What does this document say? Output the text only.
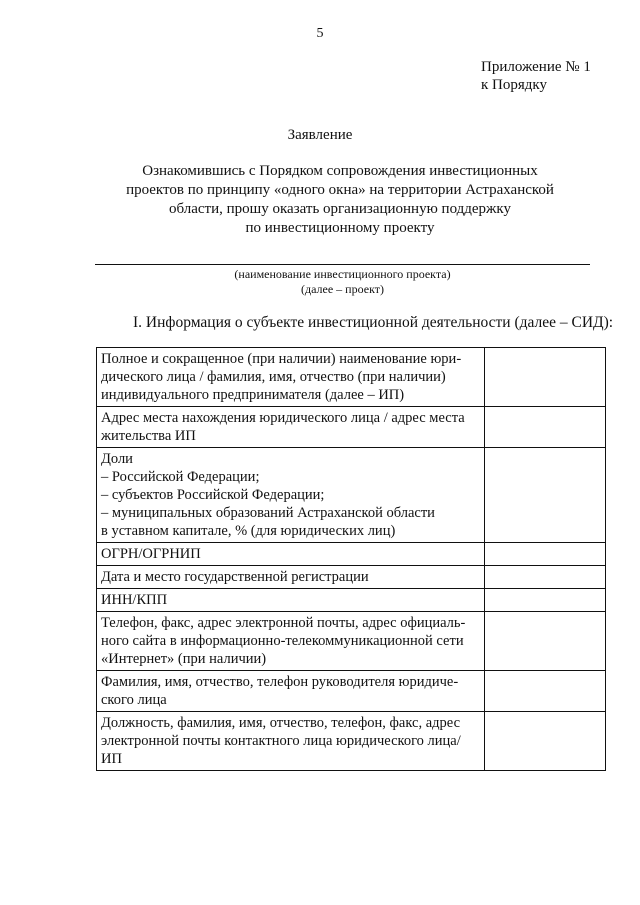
5
Приложение № 1
к Порядку
Заявление
Ознакомившись с Порядком сопровождения инвестиционных
проектов по принципу «одного окна» на территории Астраханской
области, прошу оказать организационную поддержку
по инвестиционному проекту
(наименование инвестиционного проекта)
(далее – проект)
I. Информация о субъекте инвестиционной деятельности (далее – СИД):
Полное и сокращенное (при наличии) наименование юри-
дического лица / фамилия, имя, отчество (при наличии)
индивидуального предпринимателя (далее – ИП)	

Адрес места нахождения юридического лица / адрес места
жительства ИП	

Доли
– Российской Федерации;
– субъектов Российской Федерации;
– муниципальных образований Астраханской области
в уставном капитале, % (для юридических лиц)	

ОГРН/ОГРНИП	

Дата и место государственной регистрации	

ИНН/КПП	

Телефон, факс, адрес электронной почты, адрес официаль-
ного сайта в информационно-телекоммуникационной сети
«Интернет» (при наличии)	

Фамилия, имя, отчество, телефон руководителя юридиче-
ского лица	

Должность, фамилия, имя, отчество, телефон, факс, адрес
электронной почты контактного лица юридического лица/
ИП	
